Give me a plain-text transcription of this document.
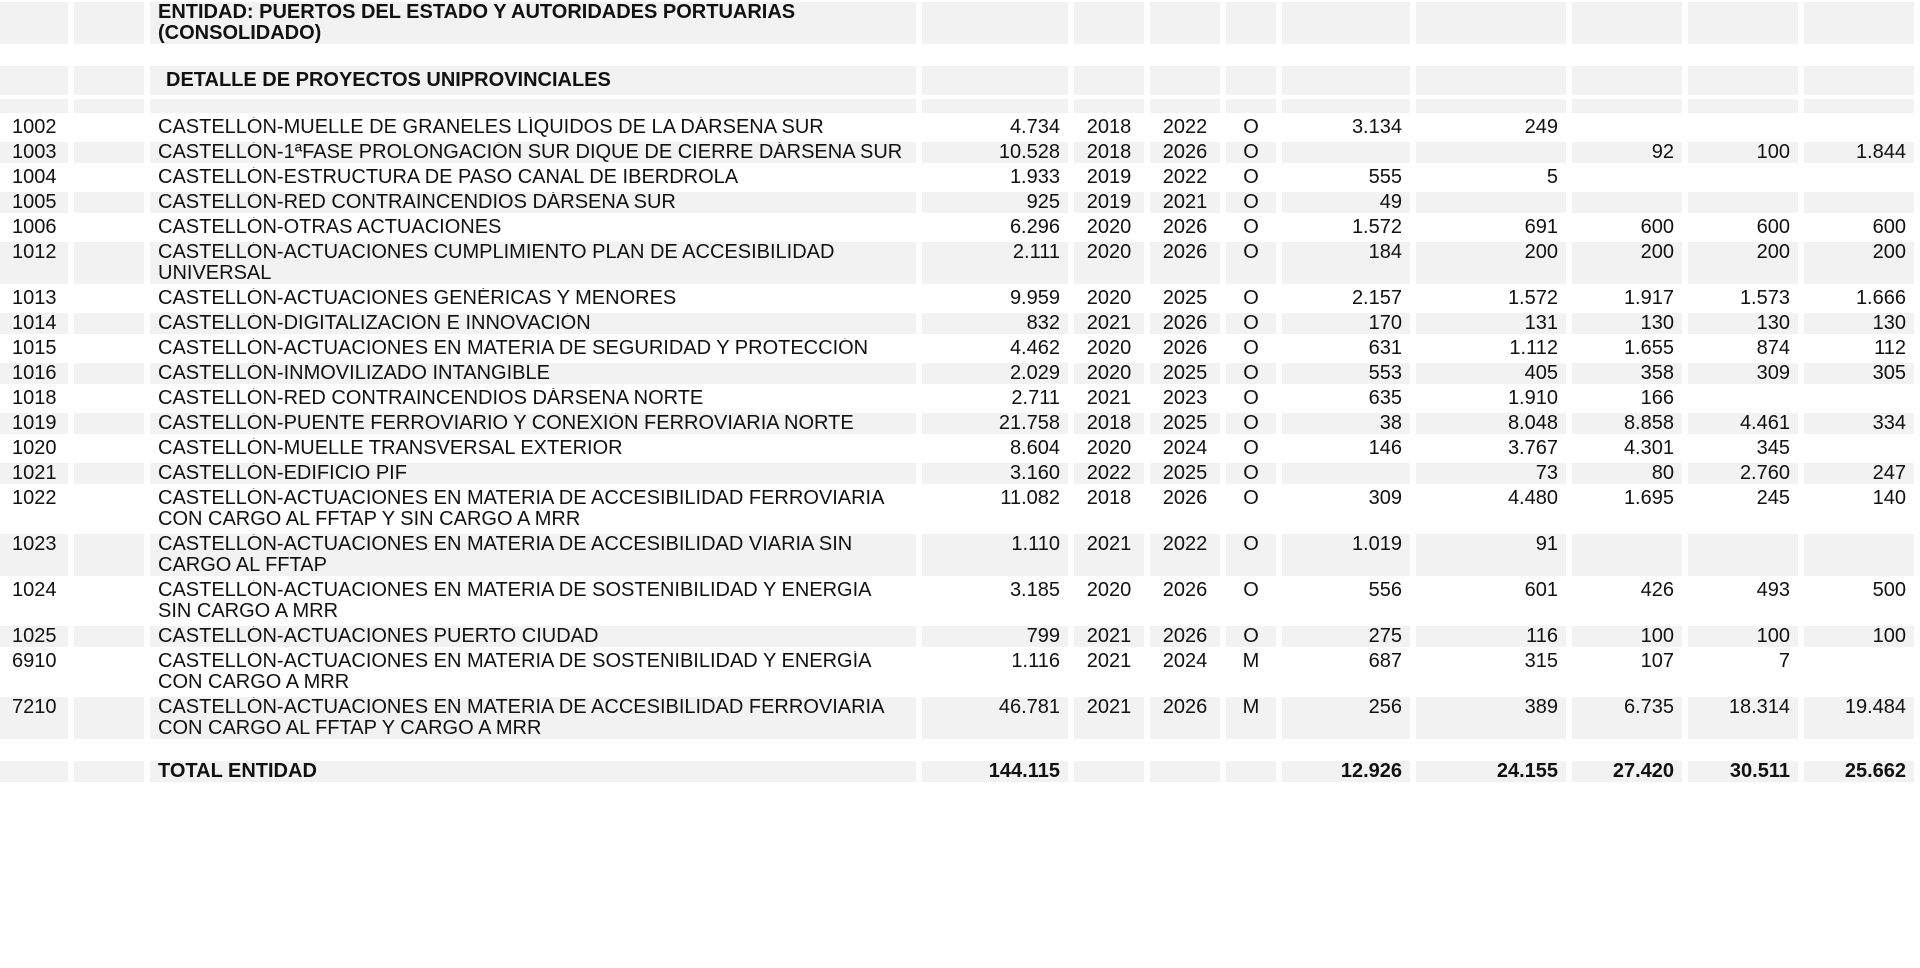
		ENTIDAD: PUERTOS DEL ESTADO Y AUTORIDADES PORTUARIAS
(CONSOLIDADO)									

		DETALLE DE PROYECTOS UNIPROVINCIALES									

1002		CASTELLÓN-MUELLE DE GRANELES LÍQUIDOS DE LA DÁRSENA SUR	4.734	2018	2022	O	3.134	249			
1003		CASTELLÓN-1ªFASE PROLONGACIÓN SUR DIQUE DE CIERRE DÁRSENA SUR	10.528	2018	2026	O			92	100	1.844
1004		CASTELLÓN-ESTRUCTURA DE PASO CANAL DE IBERDROLA	1.933	2019	2022	O	555	5			
1005		CASTELLÓN-RED CONTRAINCENDIOS DÁRSENA SUR	925	2019	2021	O	49				
1006		CASTELLÓN-OTRAS ACTUACIONES	6.296	2020	2026	O	1.572	691	600	600	600
1012		CASTELLÓN-ACTUACIONES CUMPLIMIENTO PLAN DE ACCESIBILIDAD UNIVERSAL	2.111	2020	2026	O	184	200	200	200	200
1013		CASTELLÓN-ACTUACIONES GENÉRICAS Y MENORES	9.959	2020	2025	O	2.157	1.572	1.917	1.573	1.666
1014		CASTELLÓN-DIGITALIZACIÓN E INNOVACIÓN	832	2021	2026	O	170	131	130	130	130
1015		CASTELLÓN-ACTUACIONES EN MATERIA DE SEGURIDAD Y PROTECCIÓN	4.462	2020	2026	O	631	1.112	1.655	874	112
1016		CASTELLÓN-INMOVILIZADO INTANGIBLE	2.029	2020	2025	O	553	405	358	309	305
1018		CASTELLÓN-RED CONTRAINCENDIOS DÁRSENA NORTE	2.711	2021	2023	O	635	1.910	166		
1019		CASTELLÓN-PUENTE FERROVIARIO Y CONEXIÓN FERROVIARIA NORTE	21.758	2018	2025	O	38	8.048	8.858	4.461	334
1020		CASTELLÓN-MUELLE TRANSVERSAL EXTERIOR	8.604	2020	2024	O	146	3.767	4.301	345	
1021		CASTELLÓN-EDIFICIO PIF	3.160	2022	2025	O		73	80	2.760	247
1022		CASTELLÓN-ACTUACIONES EN MATERIA DE ACCESIBILIDAD FERROVIARIA CON CARGO AL FFTAP Y SIN CARGO A MRR	11.082	2018	2026	O	309	4.480	1.695	245	140
1023		CASTELLÓN-ACTUACIONES EN MATERIA DE ACCESIBILIDAD VIARIA SIN CARGO AL FFTAP	1.110	2021	2022	O	1.019	91			
1024		CASTELLÓN-ACTUACIONES EN MATERIA DE SOSTENIBILIDAD Y ENERGIA SIN CARGO A MRR	3.185	2020	2026	O	556	601	426	493	500
1025		CASTELLÓN-ACTUACIONES PUERTO CIUDAD	799	2021	2026	O	275	116	100	100	100
6910		CASTELLÓN-ACTUACIONES EN MATERIA DE SOSTENIBILIDAD Y ENERGÍA CON CARGO A MRR	1.116	2021	2024	M	687	315	107	7	
7210		CASTELLÓN-ACTUACIONES EN MATERIA DE ACCESIBILIDAD FERROVIARIA CON CARGO AL FFTAP Y CARGO A MRR	46.781	2021	2026	M	256	389	6.735	18.314	19.484

		TOTAL ENTIDAD	144.115				12.926	24.155	27.420	30.511	25.662
